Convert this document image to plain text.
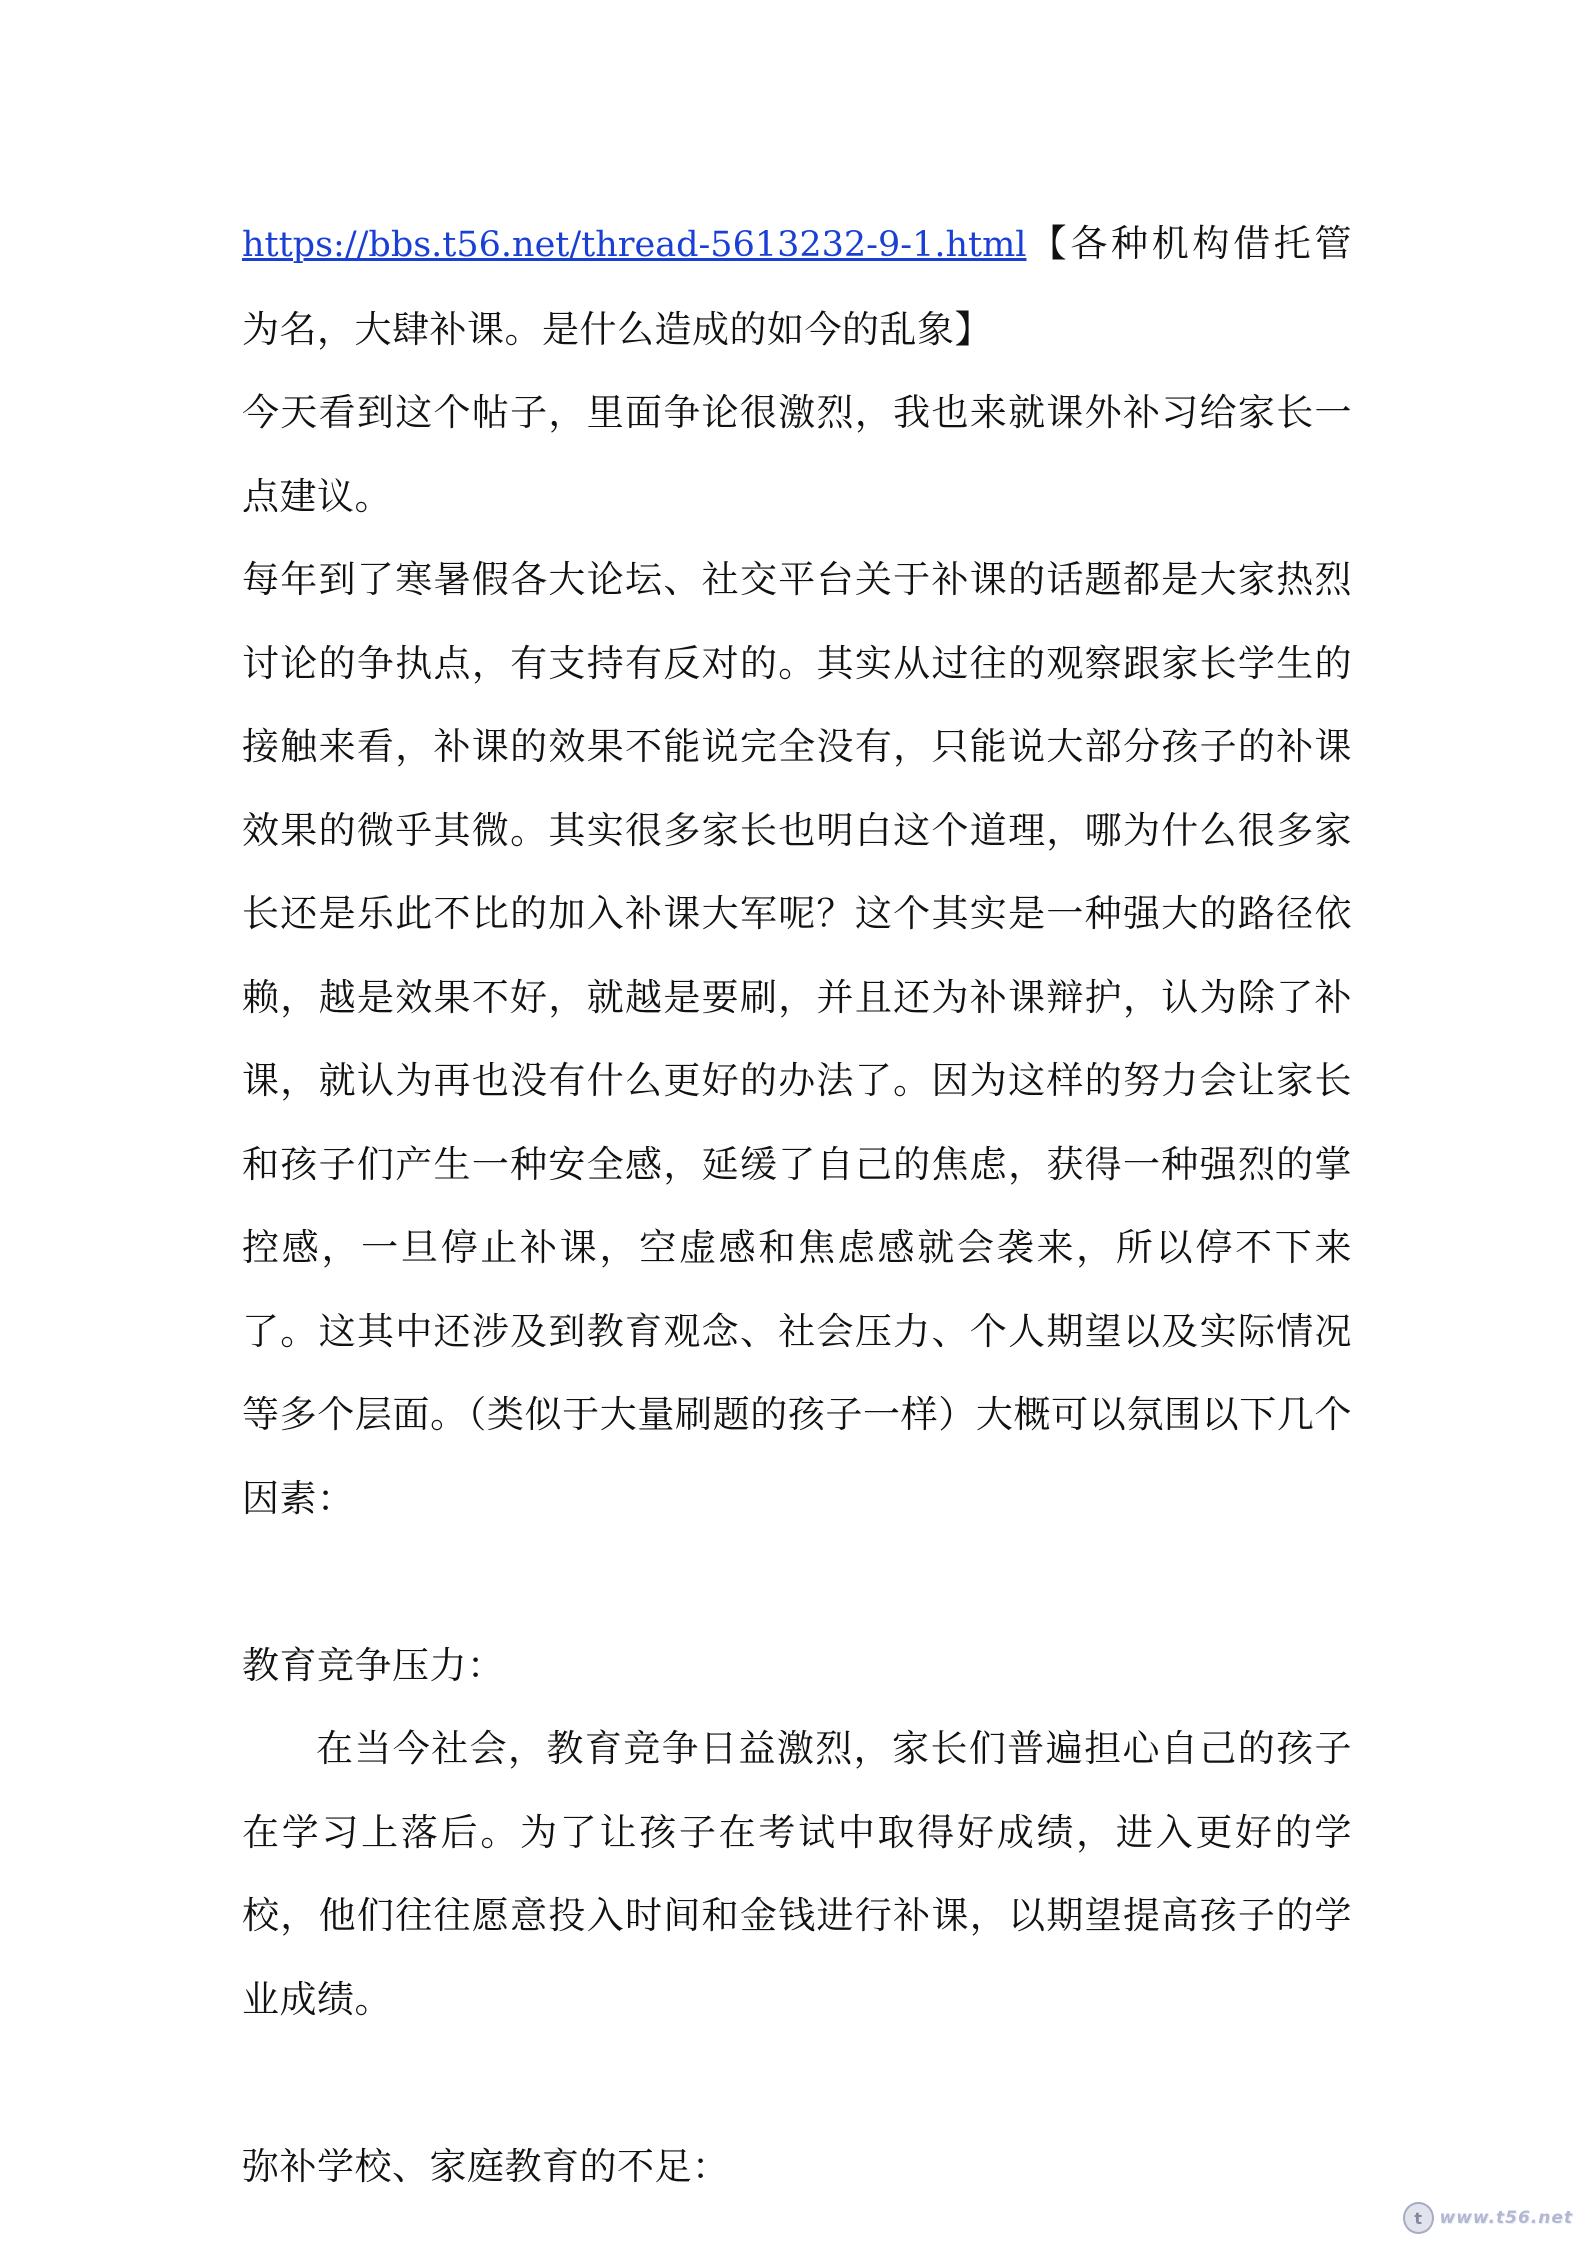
https://bbs.t56.net/thread-5613232-9-1.html【各种机构借托管为名，大肆补课。是什么造成的如今的乱象】

今天看到这个帖子，里面争论很激烈，我也来就课外补习给家长一点建议。

每年到了寒暑假各大论坛、社交平台关于补课的话题都是大家热烈讨论的争执点，有支持有反对的。其实从过往的观察跟家长学生的接触来看，补课的效果不能说完全没有，只能说大部分孩子的补课效果的微乎其微。其实很多家长也明白这个道理，哪为什么很多家长还是乐此不比的加入补课大军呢？这个其实是一种强大的路径依赖，越是效果不好，就越是要刷，并且还为补课辩护，认为除了补课，就认为再也没有什么更好的办法了。因为这样的努力会让家长和孩子们产生一种安全感，延缓了自己的焦虑，获得一种强烈的掌控感，一旦停止补课，空虚感和焦虑感就会袭来，所以停不下来了。这其中还涉及到教育观念、社会压力、个人期望以及实际情况等多个层面。（类似于大量刷题的孩子一样）大概可以氛围以下几个因素：

教育竞争压力：

在当今社会，教育竞争日益激烈，家长们普遍担心自己的孩子在学习上落后。为了让孩子在考试中取得好成绩，进入更好的学校，他们往往愿意投入时间和金钱进行补课，以期望提高孩子的学业成绩。

弥补学校、家庭教育的不足：

t	www.t56.net
